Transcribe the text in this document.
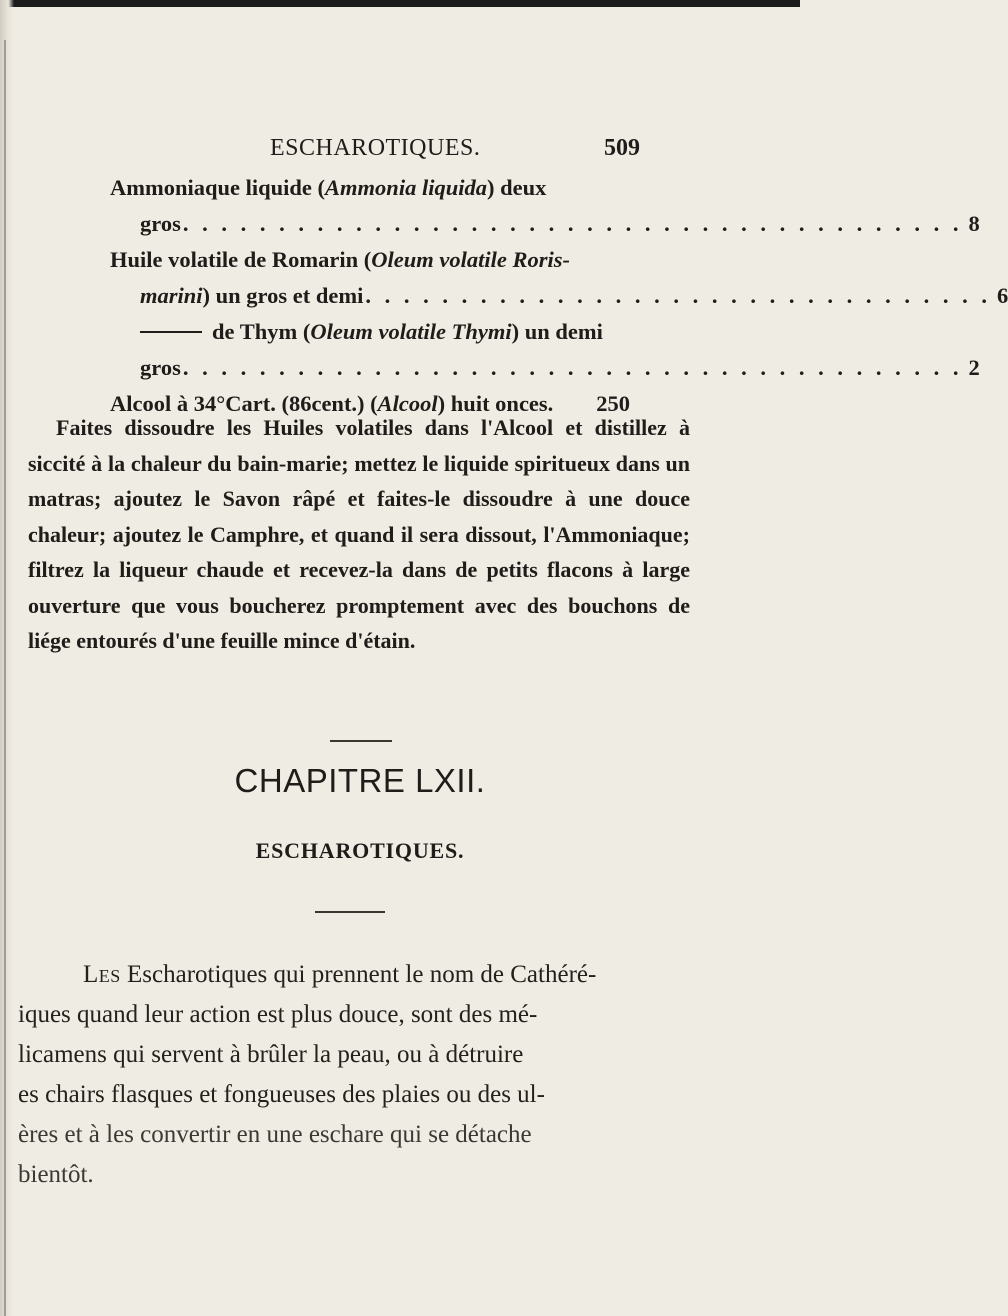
ESCHAROTIQUES.	509
Ammoniaque liquide (Ammonia liquida) deux
gros . . . . . . . . . . . . . . . . . . . . . . . . . . . . . . . . . . . . . . . . . 8
Huile volatile de Romarin (Oleum volatile Roris-
marini) un gros et demi . . . . . . . . . . . . . . . . . . . . . . . . . . . . . . . . . 6
de Thym (Oleum volatile Thymi) un demi
gros . . . . . . . . . . . . . . . . . . . . . . . . . . . . . . . . . . . . . . . . . 2
Alcool à 34°Cart. (86cent.) (Alcool) huit onces.	250

Faites dissoudre les Huiles volatiles dans l'Alcool et distillez à siccité à la chaleur du bain-marie; mettez le liquide spiritueux dans un matras; ajoutez le Savon râpé et faites-le dissoudre à une douce chaleur; ajoutez le Camphre, et quand il sera dissout, l'Ammoniaque; filtrez la liqueur chaude et recevez-la dans de petits flacons à large ouverture que vous boucherez promptement avec des bouchons de liége entourés d'une feuille mince d'étain.

CHAPITRE LXII.
ESCHAROTIQUES.

Les Escharotiques qui prennent le nom de Cathéré-
iques quand leur action est plus douce, sont des mé-
licamens qui servent à brûler la peau, ou à détruire
es chairs flasques et fongueuses des plaies ou des ul-
ères et à les convertir en une eschare qui se détache
bientôt.
